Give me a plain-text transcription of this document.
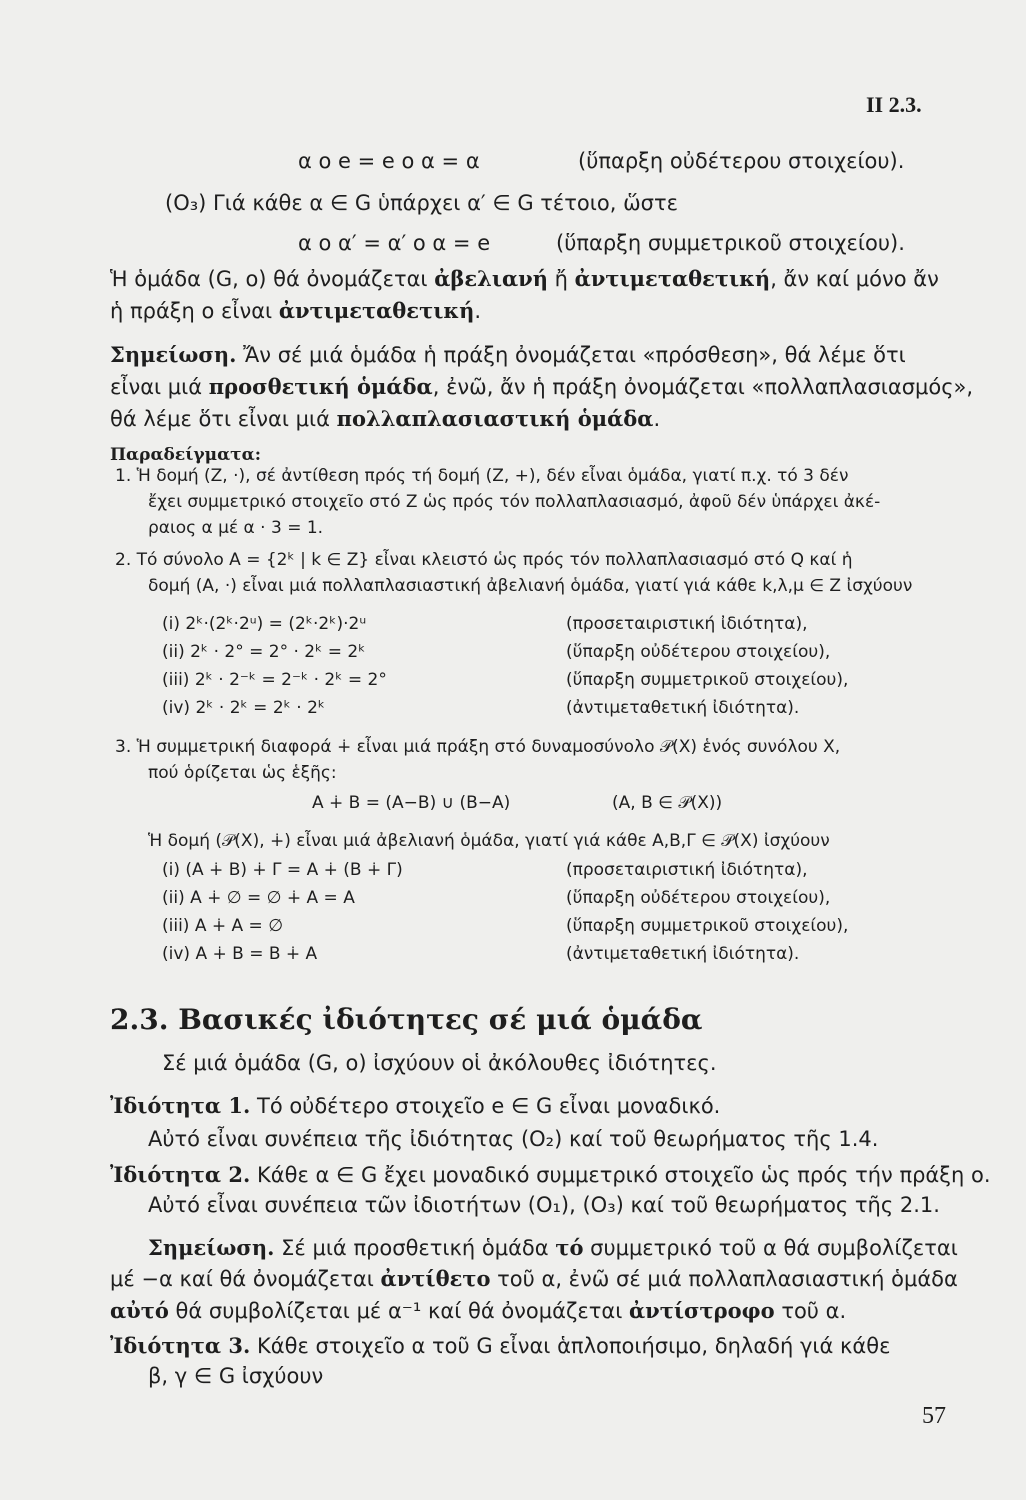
II 2.3.
α ο e = e ο α = α	(ὕπαρξη οὐδέτερου στοιχείου).
(O₃) Γιά κάθε α ∈ G ὑπάρχει α′ ∈ G τέτοιο, ὥστε
α ο α′ = α′ ο α = e	(ὕπαρξη συμμετρικοῦ στοιχείου).
Ἡ ὁμάδα (G, ο) θά ὀνομάζεται ἀβελιανή ἤ ἀντιμεταθετική, ἄν καί μόνο ἄν
ἡ πράξη ο εἶναι ἀντιμεταθετική.
Σημείωση. Ἄν σέ μιά ὁμάδα ἡ πράξη ὀνομάζεται «πρόσθεση», θά λέμε ὅτι
εἶναι μιά προσθετική ὁμάδα, ἐνῶ, ἄν ἡ πράξη ὀνομάζεται «πολλαπλασιασμός»,
θά λέμε ὅτι εἶναι μιά πολλαπλασιαστική ὁμάδα.
Παραδείγματα:
1. Ἡ δομή (Z, ·), σέ ἀντίθεση πρός τή δομή (Z, +), δέν εἶναι ὁμάδα, γιατί π.χ. τό 3 δέν
ἔχει συμμετρικό στοιχεῖο στό Z ὡς πρός τόν πολλαπλασιασμό, ἀφοῦ δέν ὑπάρχει ἀκέ-
ραιος α μέ α · 3 = 1.
2. Τό σύνολο A = {2ᵏ | k ∈ Z} εἶναι κλειστό ὡς πρός τόν πολλαπλασιασμό στό Q καί ἡ
δομή (A, ·) εἶναι μιά πολλαπλασιαστική ἀβελιανή ὁμάδα, γιατί γιά κάθε k,λ,μ ∈ Z ἰσχύουν
(i) 2ᵏ·(2ᵏ·2ᵘ) = (2ᵏ·2ᵏ)·2ᵘ	(προσεταιριστική ἰδιότητα),
(ii) 2ᵏ · 2° = 2° · 2ᵏ = 2ᵏ	(ὕπαρξη οὐδέτερου στοιχείου),
(iii) 2ᵏ · 2⁻ᵏ = 2⁻ᵏ · 2ᵏ = 2°	(ὕπαρξη συμμετρικοῦ στοιχείου),
(iv) 2ᵏ · 2ᵏ = 2ᵏ · 2ᵏ	(ἀντιμεταθετική ἰδιότητα).
3. Ἡ συμμετρική διαφορά ∔ εἶναι μιά πράξη στό δυναμοσύνολο 𝒫(X) ἑνός συνόλου X,
πού ὁρίζεται ὡς ἑξῆς:
A ∔ B = (A−B) ∪ (B−A)	(A, B ∈ 𝒫(X))
Ἡ δομή (𝒫(X), ∔) εἶναι μιά ἀβελιανή ὁμάδα, γιατί γιά κάθε A,B,Γ ∈ 𝒫(X) ἰσχύουν
(i) (A ∔ B) ∔ Γ = A ∔ (B ∔ Γ)	(προσεταιριστική ἰδιότητα),
(ii) A ∔ ∅ = ∅ ∔ A = A	(ὕπαρξη οὐδέτερου στοιχείου),
(iii) A ∔ A = ∅	(ὕπαρξη συμμετρικοῦ στοιχείου),
(iv) A ∔ B = B ∔ A	(ἀντιμεταθετική ἰδιότητα).
2.3. Βασικές ἰδιότητες σέ μιά ὁμάδα
Σέ μιά ὁμάδα (G, ο) ἰσχύουν οἱ ἀκόλουθες ἰδιότητες.
Ἰδιότητα 1. Τό οὐδέτερο στοιχεῖο e ∈ G εἶναι μοναδικό.
Αὐτό εἶναι συνέπεια τῆς ἰδιότητας (O₂) καί τοῦ θεωρήματος τῆς 1.4.
Ἰδιότητα 2. Κάθε α ∈ G ἔχει μοναδικό συμμετρικό στοιχεῖο ὡς πρός τήν πράξη ο.
Αὐτό εἶναι συνέπεια τῶν ἰδιοτήτων (O₁), (O₃) καί τοῦ θεωρήματος τῆς 2.1.
Σημείωση. Σέ μιά προσθετική ὁμάδα τό συμμετρικό τοῦ α θά συμβολίζεται
μέ −α καί θά ὀνομάζεται ἀντίθετο τοῦ α, ἐνῶ σέ μιά πολλαπλασιαστική ὁμάδα
αὐτό θά συμβολίζεται μέ α⁻¹ καί θά ὀνομάζεται ἀντίστροφο τοῦ α.
Ἰδιότητα 3. Κάθε στοιχεῖο α τοῦ G εἶναι ἁπλοποιήσιμο, δηλαδή γιά κάθε
β, γ ∈ G ἰσχύουν
57
